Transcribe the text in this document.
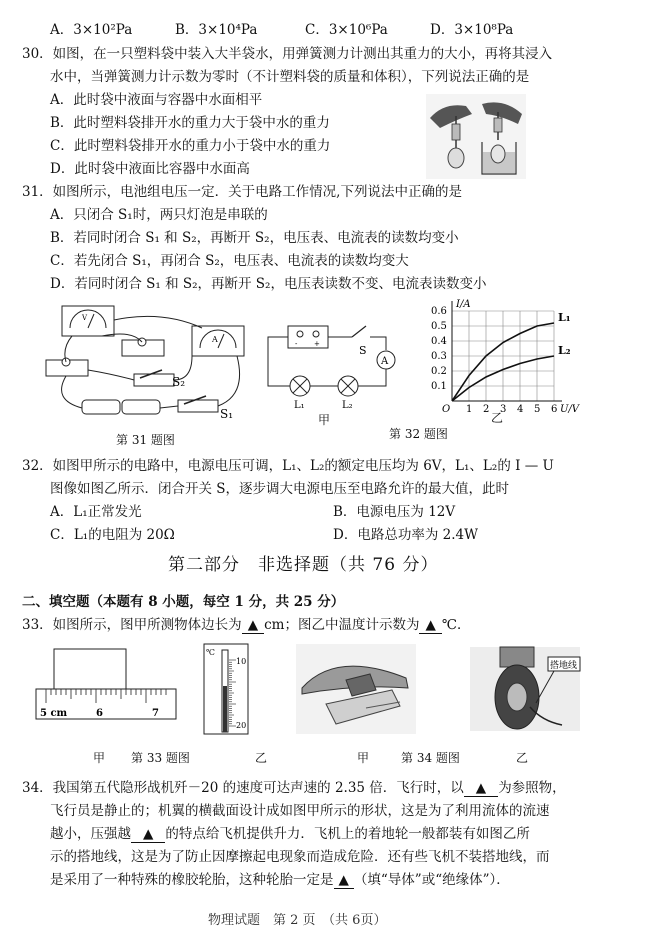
A．3×10²Pa	B．3×10⁴Pa	C．3×10⁶Pa	D．3×10⁸Pa
30．如图，在一只塑料袋中装入大半袋水，用弹簧测力计测出其重力的大小，再将其浸入
水中，当弹簧测力计示数为零时（不计塑料袋的质量和体积），下列说法正确的是
A．此时袋中液面与容器中水面相平
B．此时塑料袋排开水的重力大于袋中水的重力
C．此时塑料袋排开水的重力小于袋中水的重力
D．此时袋中液面比容器中水面高
31．如图所示，电池组电压一定．关于电路工作情况,下列说法中正确的是
A．只闭合 S₁时，两只灯泡是串联的
B．若同时闭合 S₁ 和 S₂，再断开 S₂，电压表、电流表的读数均变小
C．若先闭合 S₁，再闭合 S₂，电压表、电流表的读数均变大
D．若同时闭合 S₁ 和 S₂，再断开 S₂，电压表读数不变、电流表读数变小
V
A
S₂
S₁
第 31 题图
- +	S
A
L₁	L₂
甲
1 2 3 4 5 6
0.1
0.2
0.3
0.4
0.5
0.6
O
I/A
U/V
L₁
L₂
乙
第 32 题图
32．如图甲所示的电路中，电源电压可调，L₁、L₂的额定电压均为 6V，L₁、L₂的 I — U
图像如图乙所示．闭合开关 S，逐步调大电源电压至电路允许的最大值，此时
A．L₁正常发光	B．电源电压为 12V
C．L₁的电阻为 20Ω	D．电路总功率为 2.4W
第二部分　非选择题（共 76 分）
二、填空题（本题有 8 小题，每空 1 分，共 25 分）
33．如图所示，图甲所测物体边长为 ▲ cm；图乙中温度计示数为 ▲ ℃．
5 cm	6	7
℃
10
20
搭地线
甲 第 33 题图	乙	甲	第 34 题图	乙
34．我国第五代隐形战机歼－20 的速度可达声速的 2.35 倍．飞行时，以 ▲ 为参照物，
飞行员是静止的；机翼的横截面设计成如图甲所示的形状，这是为了利用流体的流速
越小，压强越 ▲ 的特点给飞机提供升力．飞机上的着地轮一般都装有如图乙所
示的搭地线，这是为了防止因摩擦起电现象而造成危险．还有些飞机不装搭地线，而
是采用了一种特殊的橡胶轮胎，这种轮胎一定是 ▲ （填“导体”或“绝缘体”）．
物理试题　第 2 页　（共 6页）
